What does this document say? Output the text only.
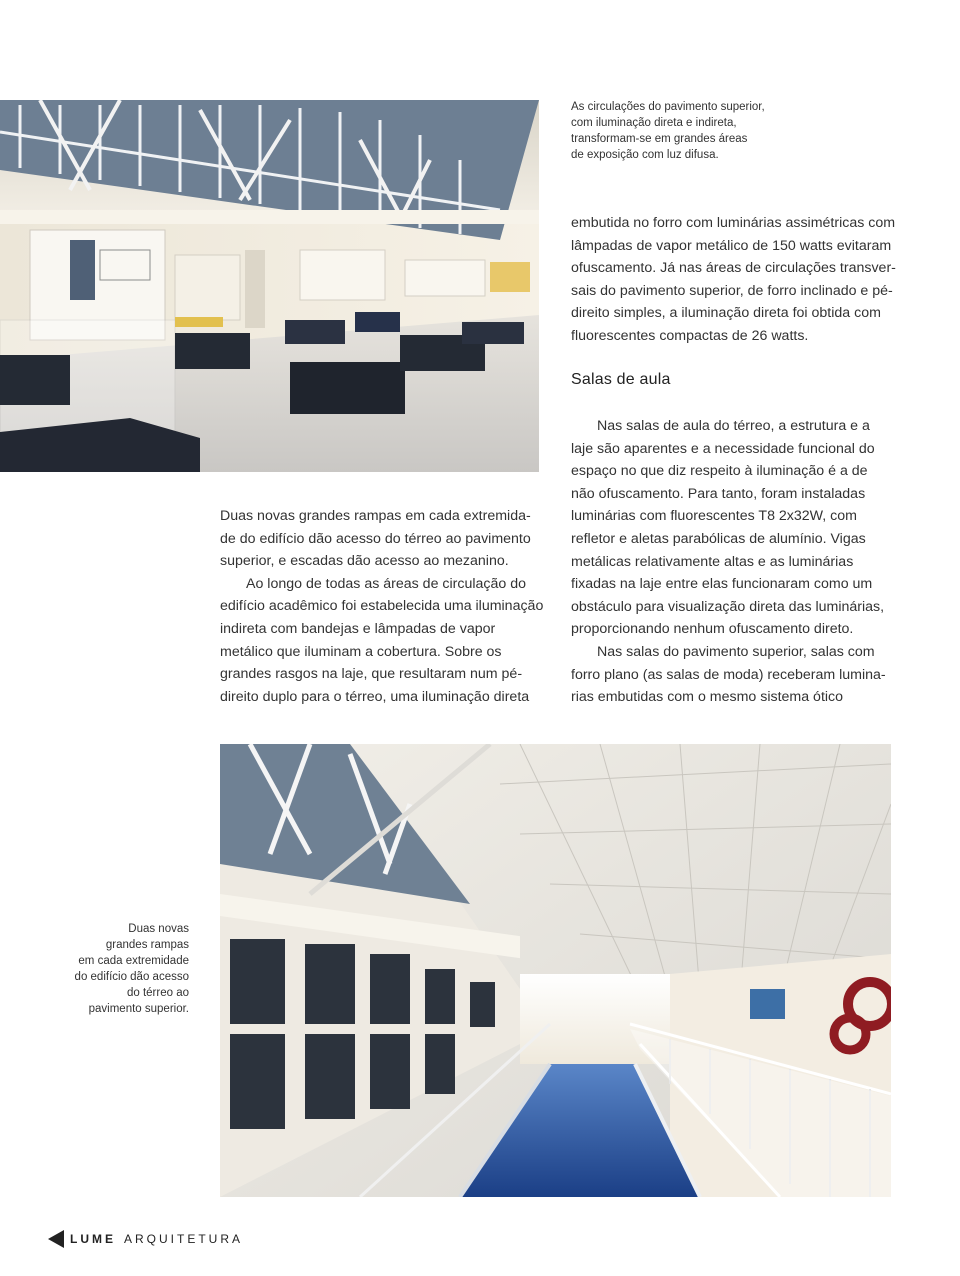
As circulações do pavimento superior,
com iluminação direta e indireta,
transformam-se em grandes áreas
de exposição com luz difusa.
embutida no forro com luminárias assimétricas com
lâmpadas de vapor metálico de 150 watts evitaram
ofuscamento. Já nas áreas de circulações transver-
sais do pavimento superior, de forro inclinado e pé-
direito simples, a iluminação direta foi obtida com
fluorescentes compactas de 26 watts.
Salas de aula
Nas salas de aula do térreo, a estrutura e a
laje são aparentes e a necessidade funcional do
espaço no que diz respeito à iluminação é a de
não ofuscamento. Para tanto, foram instaladas
luminárias com fluorescentes T8 2x32W, com
refletor e aletas parabólicas de alumínio. Vigas
metálicas relativamente altas e as luminárias
fixadas na laje entre elas funcionaram como um
obstáculo para visualização direta das luminárias,
proporcionando nenhum ofuscamento direto.
Nas salas do pavimento superior, salas com
forro plano (as salas de moda) receberam lumina-
rias embutidas com o mesmo sistema ótico
Duas novas grandes rampas em cada extremida-
de do edifício dão acesso do térreo ao pavimento
superior, e escadas dão acesso ao mezanino.
Ao longo de todas as áreas de circulação do
edifício acadêmico foi estabelecida uma iluminação
indireta com bandejas e lâmpadas de vapor
metálico que iluminam a cobertura. Sobre os
grandes rasgos na laje, que resultaram num pé-
direito duplo para o térreo, uma iluminação direta
Duas novas
grandes rampas
em cada extremidade
do edifício dão acesso
do térreo ao
pavimento superior.
56 LUME ARQUITETURA
